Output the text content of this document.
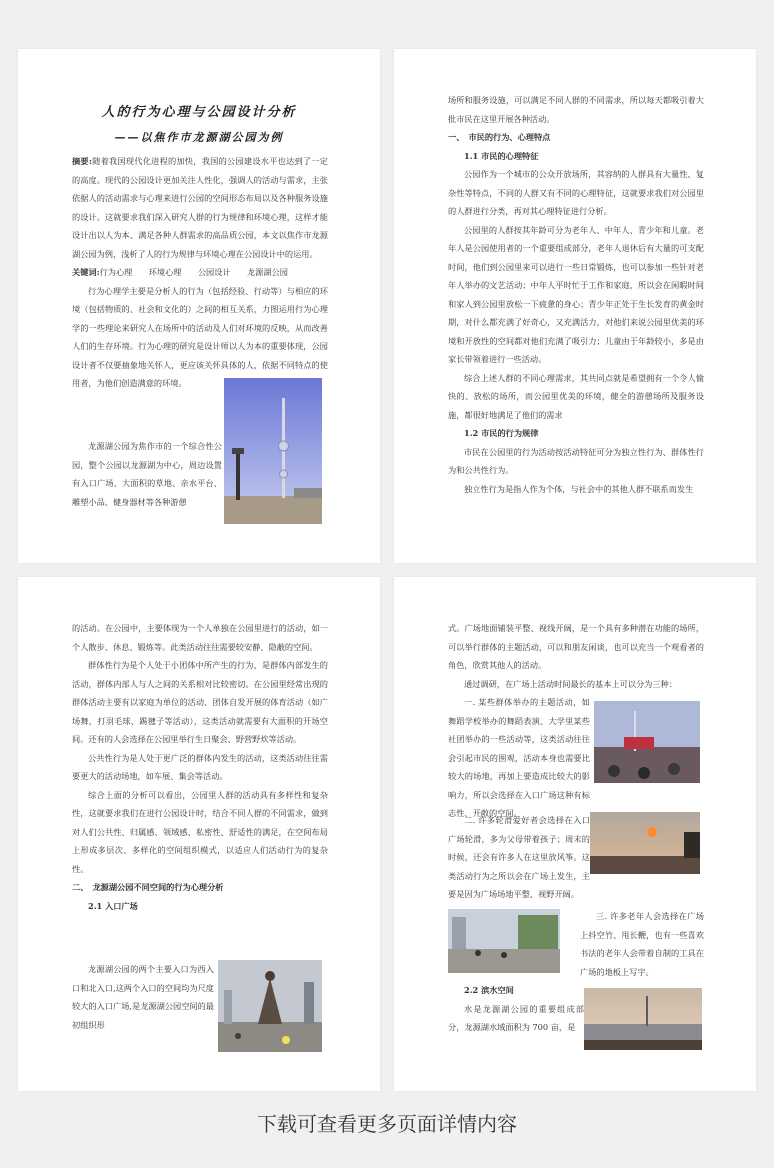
人的行为心理与公园设计分析
——以焦作市龙源湖公园为例

摘要:随着我国现代化进程的加快，我国的公园建设水平也达到了一定的高度。现代的公园设计更加关注人性化，强调人的活动与需求，主张依据人的活动需求与心理来进行公园的空间形态布局以及各种服务设施的设计。这就要求我们深入研究人群的行为规律和环境心理，这样才能设计出以人为本、满足各种人群需求的高品质公园，本文以焦作市龙源湖公园为例，浅析了人的行为规律与环境心理在公园设计中的运用。

关键词:行为心理　　环境心理　　公园设计　　龙源湖公园

行为心理学主要是分析人的行为（包括经验、行动等）与相应的环境（包括物质的、社会和文化的）之间的相互关系，力图运用行为心理学的一些理论来研究人在场所中的活动及人们对环境的反映，从而改善人们的生存环境。行为心理的研究是设计师以人为本的重要体现，公园设计者不仅要抽象地关怀人，更应该关怀具体的人，依据不同特点的使用者，为他们创造满意的环境。

龙源湖公园为焦作市的一个综合性公园，整个公园以龙源湖为中心，周边设置有入口广场、大面积的草地、亲水平台、雕塑小品、健身器材等各种游憩

场所和服务设施，可以满足不同人群的不同需求，所以每天都吸引着大批市民在这里开展各种活动。

一、　市民的行为、心理特点

1.1 市民的心理特征

公园作为一个城市的公众开放场所，其容纳的人群具有大量性、复杂性等特点，不同的人群又有不同的心理特征，这就要求我们对公园里的人群进行分类，再对其心理特征进行分析。

公园里的人群按其年龄可分为老年人、中年人、青少年和儿童。老年人是公园使用者的一个重要组成部分，老年人退休后有大量的可支配时间，他们到公园里来可以进行一些日常锻炼，也可以参加一些针对老年人举办的文艺活动；中年人平时忙于工作和家庭，所以会在闲暇时间和家人到公园里放松一下疲惫的身心；青少年正处于生长发育的黄金时期，对什么都充满了好奇心，又充满活力，对他们来说公园里优美的环境和开放性的空间都对他们充满了吸引力；儿童由于年龄较小，多是由家长带领着进行一些活动。

综合上述人群的不同心理需求，其共同点就是希望拥有一个令人愉快的、放松的场所，而公园里优美的环境，健全的游憩场所及服务设施，都很好地满足了他们的需求

1.2 市民的行为规律

市民在公园里的行为活动按活动特征可分为独立性行为、群体性行为和公共性行为。

独立性行为是指人作为个体，与社会中的其他人群不联系而发生

的活动。在公园中，主要体现为一个人单独在公园里进行的活动，如一个人散步、休息、锻炼等。此类活动往往需要较安静、隐蔽的空间。

群体性行为是个人处于小团体中所产生的行为，是群体内部发生的活动，群体内部人与人之间的关系相对比较密切。在公园里经常出现的群体活动主要有以家庭为单位的活动、团体自发开展的体育活动（如广场舞，打羽毛球、踢毽子等活动），这类活动就需要有大面积的开场空间。还有的人会选择在公园里举行生日聚会、野营野炊等活动。

公共性行为是人处于更广泛的群体内发生的活动，这类活动往往需要更大的活动场地，如车展、集会等活动。

综合上面的分析可以看出，公园里人群的活动具有多样性和复杂性，这就要求我们在进行公园设计时，结合不同人群的不同需求，做到对人们公共性、归属感、领域感、私密性、舒适性的满足，在空间布局上形成多层次、多样化的空间组织模式，以适应人们活动行为的复杂性。

二、　龙源湖公园不同空间的行为心理分析

2.1 入口广场

龙源湖公园的两个主要入口为西入口和北入口,这两个入口的空间均为尺度较大的入口广场,是龙源湖公园空间的最初组织形

式。广场地面铺装平整、视线开阔，是一个具有多种潜在功能的场所，可以举行群体的主题活动，可以和朋友闲谈，也可以充当一个观看者的角色，欣赏其他人的活动。

通过调研，在广场上活动时间最长的基本上可以分为三种：

一. 某些群体举办的主题活动，如舞蹈学校举办的舞蹈表演、大学里某些社团举办的一些活动等，这类活动往往会引起市民的围观，活动本身也需要比较大的场地，再加上要造成比较大的影响力，所以会选择在入口广场这种有标志性、开敞的空间。
二. 许多轮滑爱好者会选择在入口广场轮滑，多为父母带着孩子；周末的时候，还会有许多人在这里放风筝。这类活动行为之所以会在广场上发生，主要是因为广场场地平整、视野开阔。
三. 许多老年人会选择在广场上抖空竹、甩长鞭，也有一些喜欢书法的老年人会带着自制的工具在广场的地板上写字。

2.2 滨水空间

水是龙源湖公园的重要组成部分，龙源湖水域面积为 700 亩，是

下载可查看更多页面详情内容
